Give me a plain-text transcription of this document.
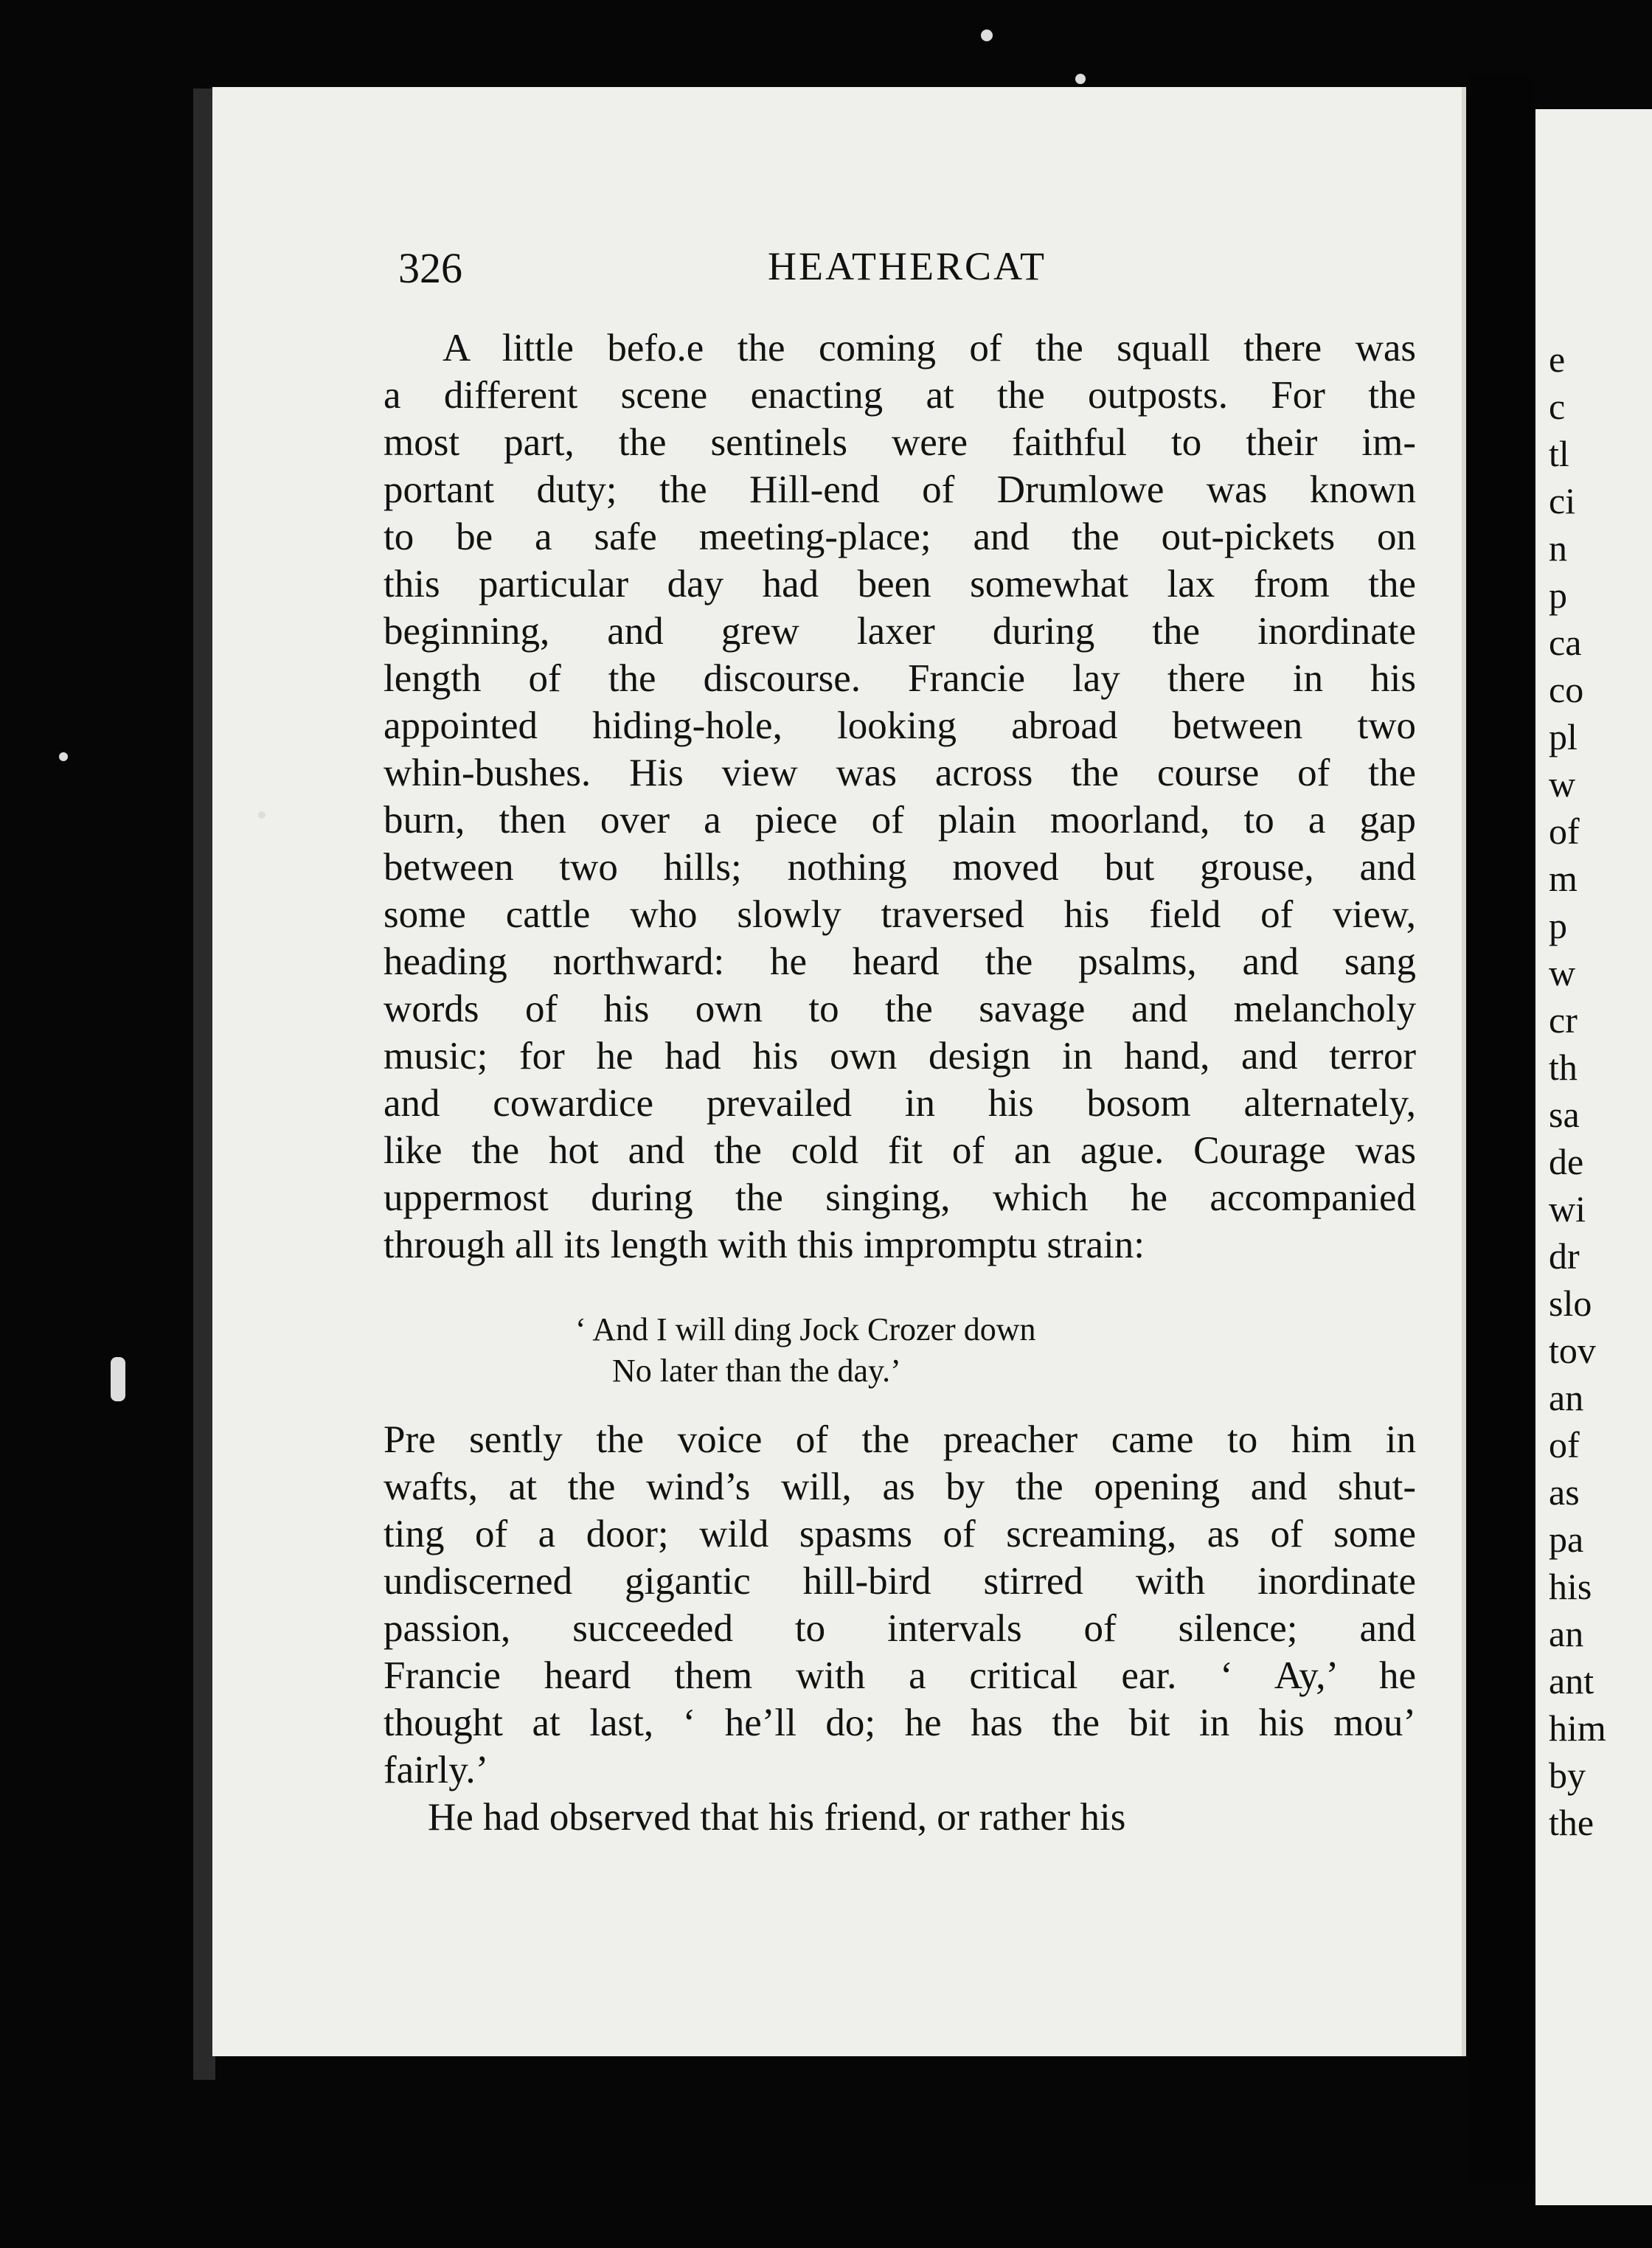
326	HEATHERCAT
A little befo.e the coming of the squall there was
a different scene enacting at the outposts. For the
most part, the sentinels were faithful to their im-
portant duty; the Hill-end of Drumlowe was known
to be a safe meeting-place; and the out-pickets on
this particular day had been somewhat lax from the
beginning, and grew laxer during the inordinate
length of the discourse. Francie lay there in his
appointed hiding-hole, looking abroad between two
whin-bushes. His view was across the course of the
burn, then over a piece of plain moorland, to a gap
between two hills; nothing moved but grouse, and
some cattle who slowly traversed his field of view,
heading northward: he heard the psalms, and sang
words of his own to the savage and melancholy
music; for he had his own design in hand, and terror
and cowardice prevailed in his bosom alternately,
like the hot and the cold fit of an ague. Courage was
uppermost during the singing, which he accompanied
through all its length with this impromptu strain:
‘ And I will ding Jock Crozer down
No later than the day.’
Pre sently the voice of the preacher came to him in
wafts, at the wind’s will, as by the opening and shut-
ting of a door; wild spasms of screaming, as of some
undiscerned gigantic hill-bird stirred with inordinate
passion, succeeded to intervals of silence; and
Francie heard them with a critical ear. ‘ Ay,’ he
thought at last, ‘ he’ll do; he has the bit in his mou’
fairly.’
He had observed that his friend, or rather his
e
c
tl
ci
n
p
ca
co
pl
w
of
m
p
w
cr
th
sa
de
wi
dr
slo
tov
an
of
as
pa
his
an
ant
him
by
the
